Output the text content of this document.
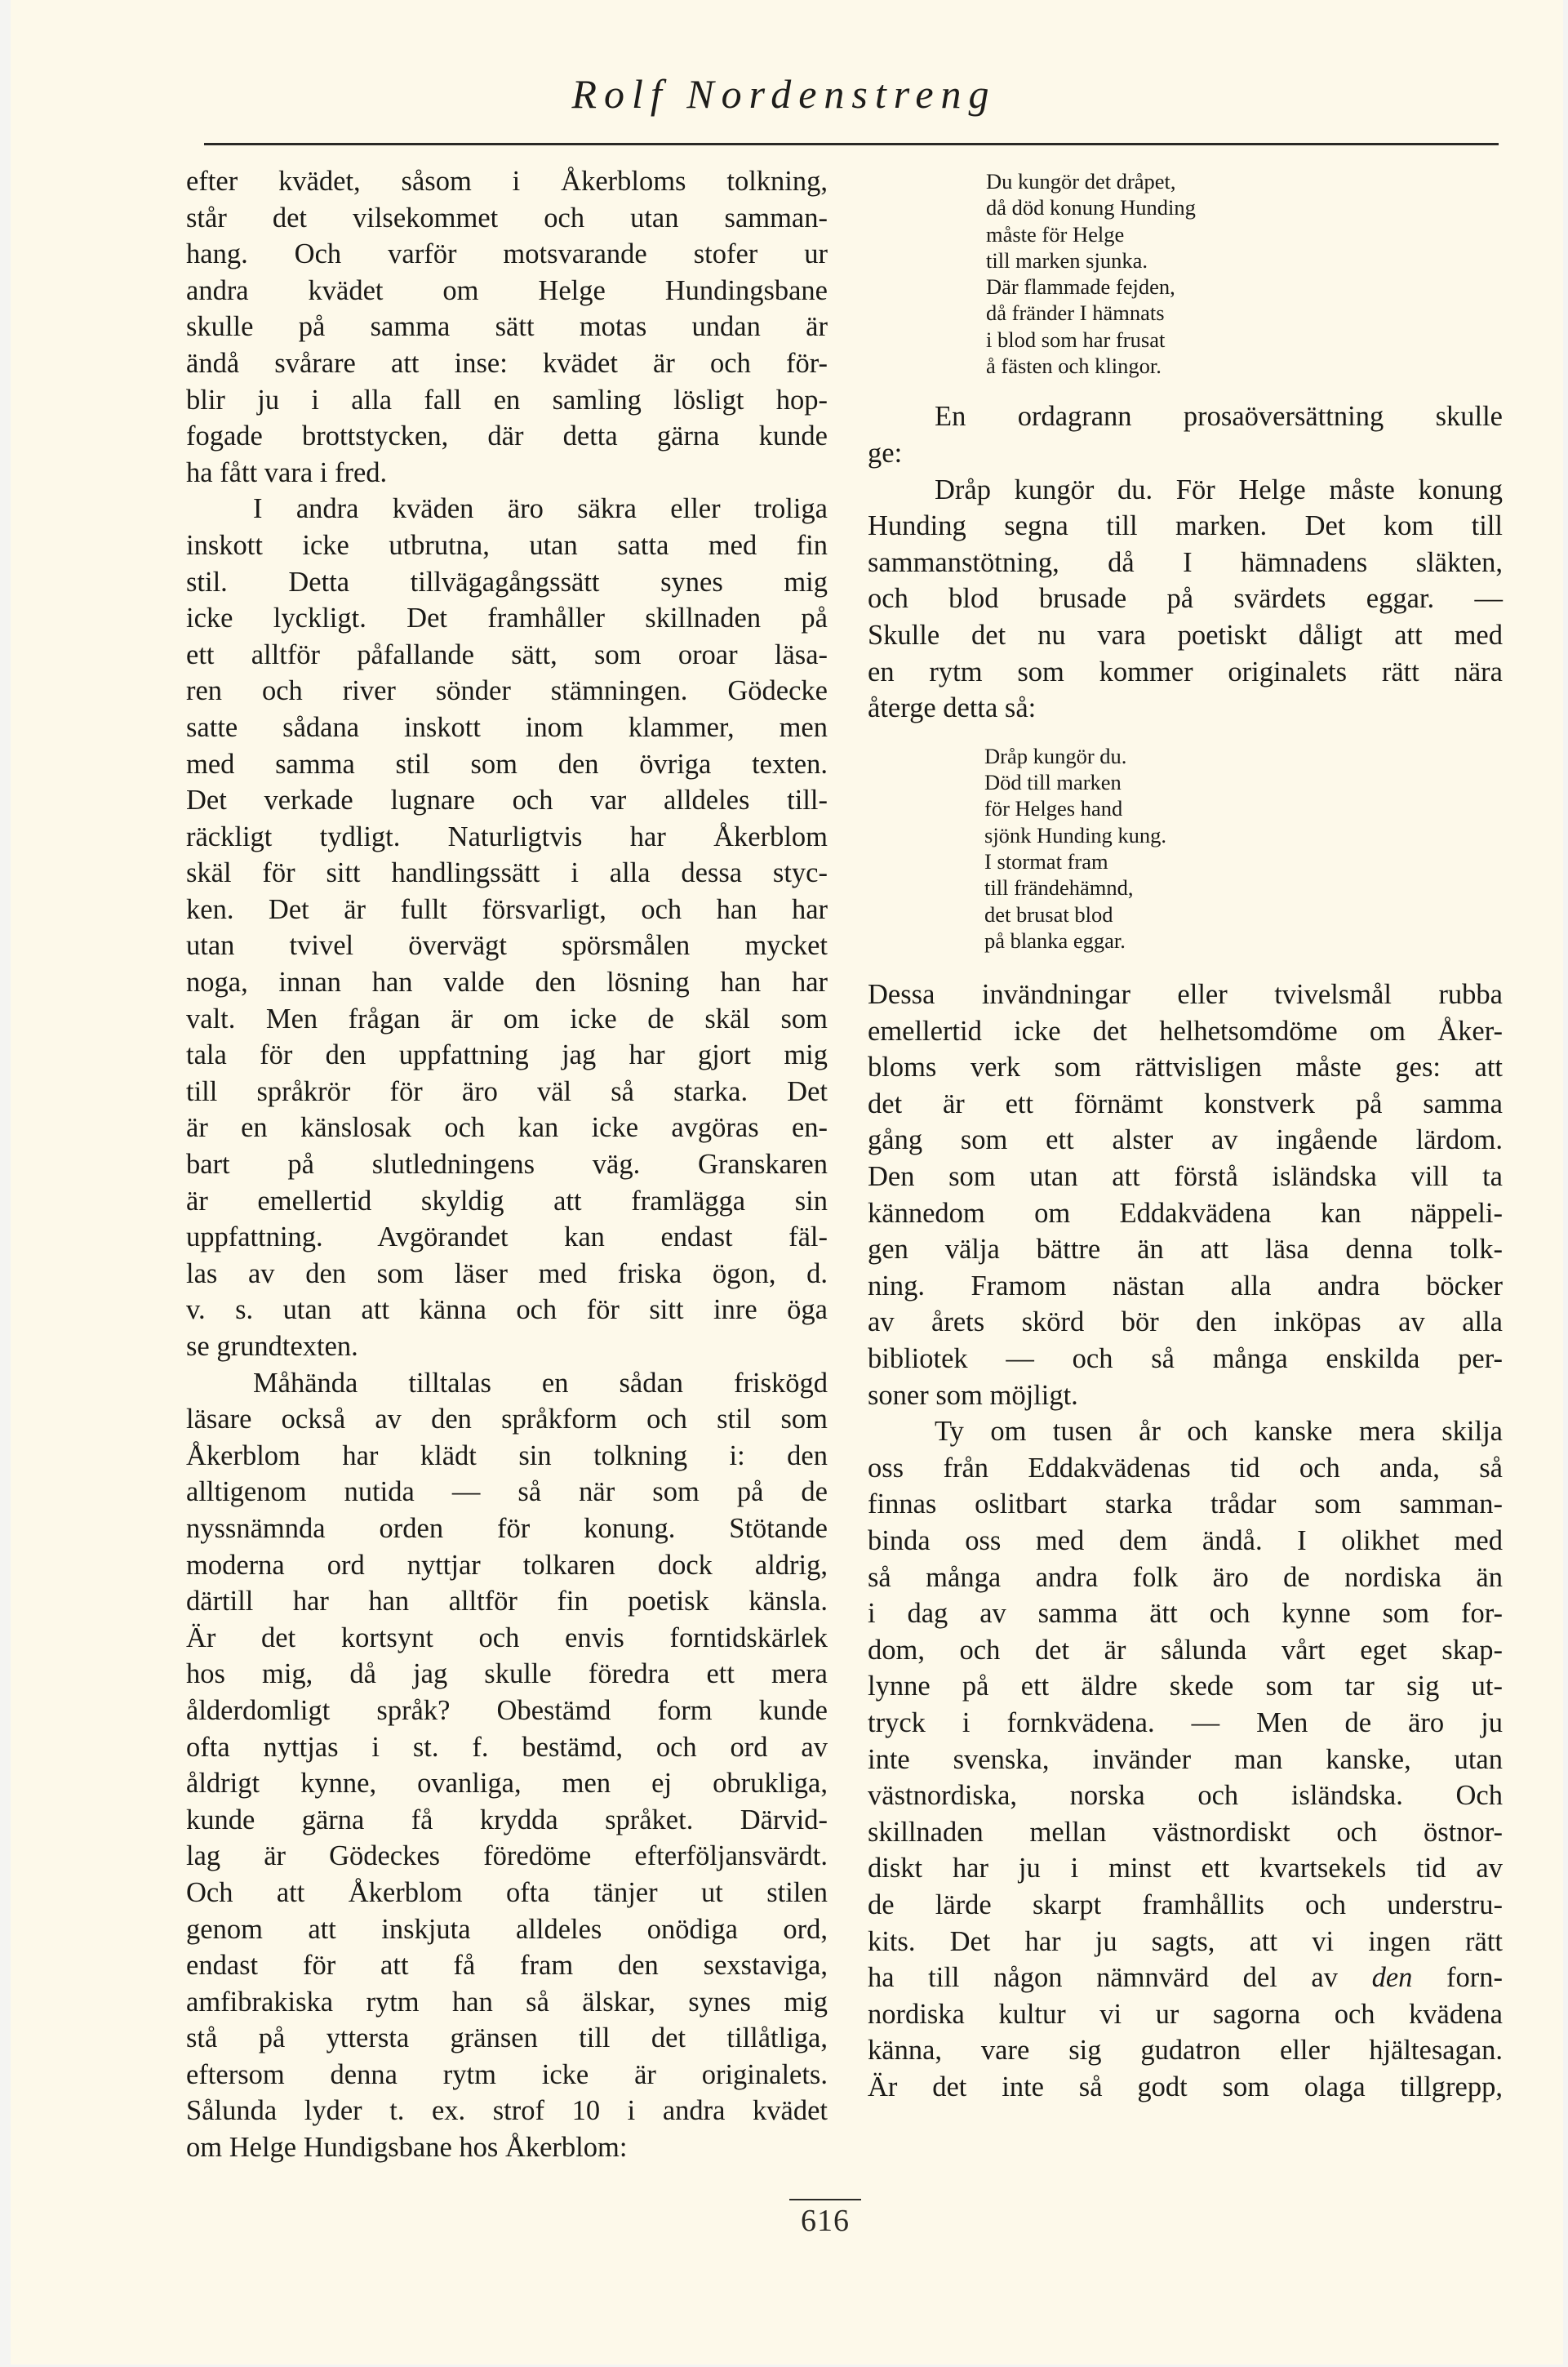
Rolf Nordenstreng

efter kvädet, såsom i Åkerbloms tolkning,
står det vilsekommet och utan samman-
hang. Och varför motsvarande stofer ur
andra kvädet om Helge Hundingsbane
skulle på samma sätt motas undan är
ändå svårare att inse: kvädet är och för-
blir ju i alla fall en samling lösligt hop-
fogade brottstycken, där detta gärna kunde
ha fått vara i fred.

I andra kväden äro säkra eller troliga
inskott icke utbrutna, utan satta med fin
stil. Detta tillvägagångssätt synes mig
icke lyckligt. Det framhåller skillnaden på
ett alltför påfallande sätt, som oroar läsa-
ren och river sönder stämningen. Gödecke
satte sådana inskott inom klammer, men
med samma stil som den övriga texten.
Det verkade lugnare och var alldeles till-
räckligt tydligt. Naturligtvis har Åkerblom
skäl för sitt handlingssätt i alla dessa styc-
ken. Det är fullt försvarligt, och han har
utan tvivel övervägt spörsmålen mycket
noga, innan han valde den lösning han har
valt. Men frågan är om icke de skäl som
tala för den uppfattning jag har gjort mig
till språkrör för äro väl så starka. Det
är en känslosak och kan icke avgöras en-
bart på slutledningens väg. Granskaren
är emellertid skyldig att framlägga sin
uppfattning. Avgörandet kan endast fäl-
las av den som läser med friska ögon, d.
v. s. utan att känna och för sitt inre öga
se grundtexten.

Måhända tilltalas en sådan friskögd
läsare också av den språkform och stil som
Åkerblom har klädt sin tolkning i: den
alltigenom nutida — så när som på de
nyssnämnda orden för konung. Stötande
moderna ord nyttjar tolkaren dock aldrig,
därtill har han alltför fin poetisk känsla.
Är det kortsynt och envis forntidskärlek
hos mig, då jag skulle föredra ett mera
ålderdomligt språk? Obestämd form kunde
ofta nyttjas i st. f. bestämd, och ord av
åldrigt kynne, ovanliga, men ej obrukliga,
kunde gärna få krydda språket. Därvid-
lag är Gödeckes föredöme efterföljansvärdt.
Och att Åkerblom ofta tänjer ut stilen
genom att inskjuta alldeles onödiga ord,
endast för att få fram den sexstaviga,
amfibrakiska rytm han så älskar, synes mig
stå på yttersta gränsen till det tillåtliga,
eftersom denna rytm icke är originalets.
Sålunda lyder t. ex. strof 10 i andra kvädet
om Helge Hundigsbane hos Åkerblom:

Du kungör det dråpet,
då död konung Hunding
måste för Helge
till marken sjunka.
Där flammade fejden,
då fränder I hämnats
i blod som har frusat
å fästen och klingor.

En ordagrann prosaöversättning skulle
ge:

Dråp kungör du. För Helge måste konung
Hunding segna till marken. Det kom till
sammanstötning, då I hämnadens släkten,
och blod brusade på svärdets eggar. —
Skulle det nu vara poetiskt dåligt att med
en rytm som kommer originalets rätt nära
återge detta så:

Dråp kungör du.
Död till marken
för Helges hand
sjönk Hunding kung.
I stormat fram
till frändehämnd,
det brusat blod
på blanka eggar.

Dessa invändningar eller tvivelsmål rubba
emellertid icke det helhetsomdöme om Åker-
bloms verk som rättvisligen måste ges: att
det är ett förnämt konstverk på samma
gång som ett alster av ingående lärdom.
Den som utan att förstå isländska vill ta
kännedom om Eddakvädena kan näppeli-
gen välja bättre än att läsa denna tolk-
ning. Framom nästan alla andra böcker
av årets skörd bör den inköpas av alla
bibliotek — och så många enskilda per-
soner som möjligt.

Ty om tusen år och kanske mera skilja
oss från Eddakvädenas tid och anda, så
finnas oslitbart starka trådar som samman-
binda oss med dem ändå. I olikhet med
så många andra folk äro de nordiska än
i dag av samma ätt och kynne som for-
dom, och det är sålunda vårt eget skap-
lynne på ett äldre skede som tar sig ut-
tryck i fornkvädena. — Men de äro ju
inte svenska, invänder man kanske, utan
västnordiska, norska och isländska. Och
skillnaden mellan västnordiskt och östnor-
diskt har ju i minst ett kvartsekels tid av
de lärde skarpt framhållits och understru-
kits. Det har ju sagts, att vi ingen rätt
ha till någon nämnvärd del av den forn-
nordiska kultur vi ur sagorna och kvädena
känna, vare sig gudatron eller hjältesagan.
Är det inte så godt som olaga tillgrepp,

616
